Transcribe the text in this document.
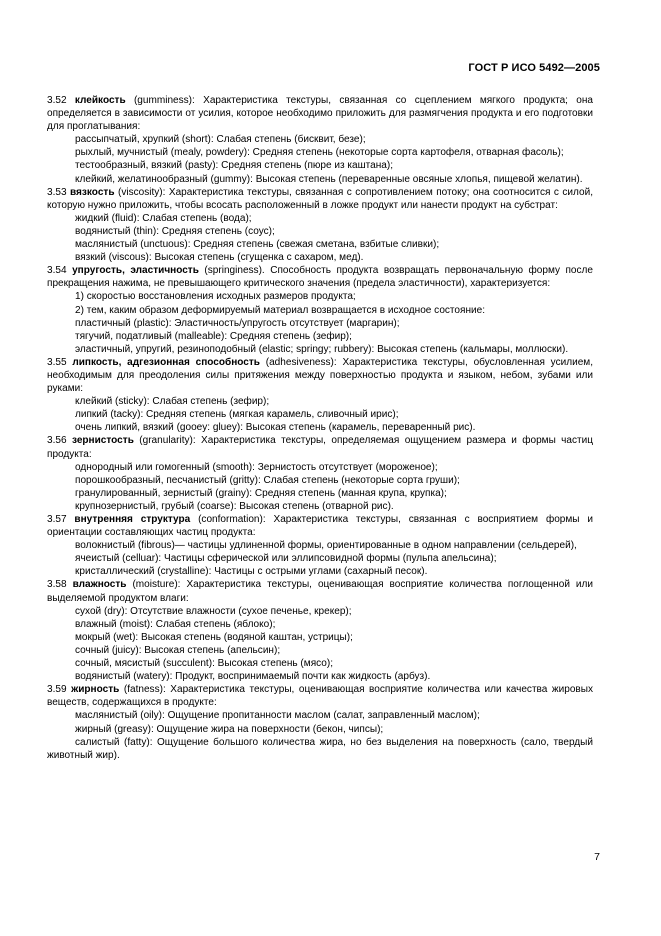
ГОСТ Р ИСО 5492—2005

3.52 клейкость (gumminess): Характеристика текстуры, связанная со сцеплением мягкого продукта; она определяется в зависимости от усилия, которое необходимо приложить для размягчения продукта и его подготовки для проглатывания:

рассыпчатый, хрупкий (short): Слабая степень (бисквит, безе);

рыхлый, мучнистый (mealy, powdery): Средняя степень (некоторые сорта картофеля, отварная фасоль);

тестообразный, вязкий (pasty): Средняя степень (пюре из каштана);

клейкий, желатинообразный (gummy): Высокая степень (переваренные овсяные хлопья, пищевой желатин).

3.53 вязкость (viscosity): Характеристика текстуры, связанная с сопротивлением потоку; она соотносится с силой, которую нужно приложить, чтобы всосать расположенный в ложке продукт или нанести продукт на субстрат:

жидкий (fluid): Слабая степень (вода);

водянистый (thin): Средняя степень (соус);

маслянистый (unctuous): Средняя степень (свежая сметана, взбитые сливки);

вязкий (viscous): Высокая степень (сгущенка с сахаром, мед).

3.54 упругость, эластичность (springiness). Способность продукта возвращать первоначальную форму после прекращения нажима, не превышающего критического значения (предела эластичности), характеризуется:

1) скоростью восстановления исходных размеров продукта;

2) тем, каким образом деформируемый материал возвращается в исходное состояние:

пластичный (plastic): Эластичность/упругость отсутствует (маргарин);

тягучий, податливый (malleable): Средняя степень (зефир);

эластичный, упругий, резиноподобный (elastic; springy; rubbery): Высокая степень (кальмары, моллюски).

3.55 липкость, адгезионная способность (adhesiveness): Характеристика текстуры, обусловленная усилием, необходимым для преодоления силы притяжения между поверхностью продукта и языком, небом, зубами или руками:

клейкий (sticky): Слабая степень (зефир);

липкий (tacky): Средняя степень (мягкая карамель, сливочный ирис);

очень липкий, вязкий (gooey: gluey): Высокая степень (карамель, переваренный рис).

3.56 зернистость (granularity): Характеристика текстуры, определяемая ощущением размера и формы частиц продукта:

однородный или гомогенный (smooth): Зернистость отсутствует (мороженое);

порошкообразный, песчанистый (gritty): Слабая степень (некоторые сорта груши);

гранулированный, зернистый (grainy): Средняя степень (манная крупа, крупка);

крупнозернистый, грубый (coarse): Высокая степень (отварной рис).

3.57 внутренняя структура (conformation): Характеристика текстуры, связанная с восприятием формы и ориентации составляющих частиц продукта:

волокнистый (fibrous)— частицы удлиненной формы, ориентированные в одном направлении (сельдерей),

ячеистый (celluar): Частицы сферической или эллипсовидной формы (пульпа апельсина);

кристаллический (crystalline): Частицы с острыми углами (сахарный песок).

3.58 влажность (moisture): Характеристика текстуры, оценивающая восприятие количества поглощенной или выделяемой продуктом влаги:

сухой (dry): Отсутствие влажности (сухое печенье, крекер);

влажный (moist): Слабая степень (яблоко);

мокрый (wet): Высокая степень (водяной каштан, устрицы);

сочный (juicy): Высокая степень (апельсин);

сочный, мясистый (succulent): Высокая степень (мясо);

водянистый (watery): Продукт, воспринимаемый почти как жидкость (арбуз).

3.59 жирность (fatness): Характеристика текстуры, оценивающая восприятие количества или качества жировых веществ, содержащихся в продукте:

маслянистый (oily): Ощущение пропитанности маслом (салат, заправленный маслом);

жирный (greasy): Ощущение жира на поверхности (бекон, чипсы);

салистый (fatty): Ощущение большого количества жира, но без выделения на поверхность (сало, твердый животный жир).

7
